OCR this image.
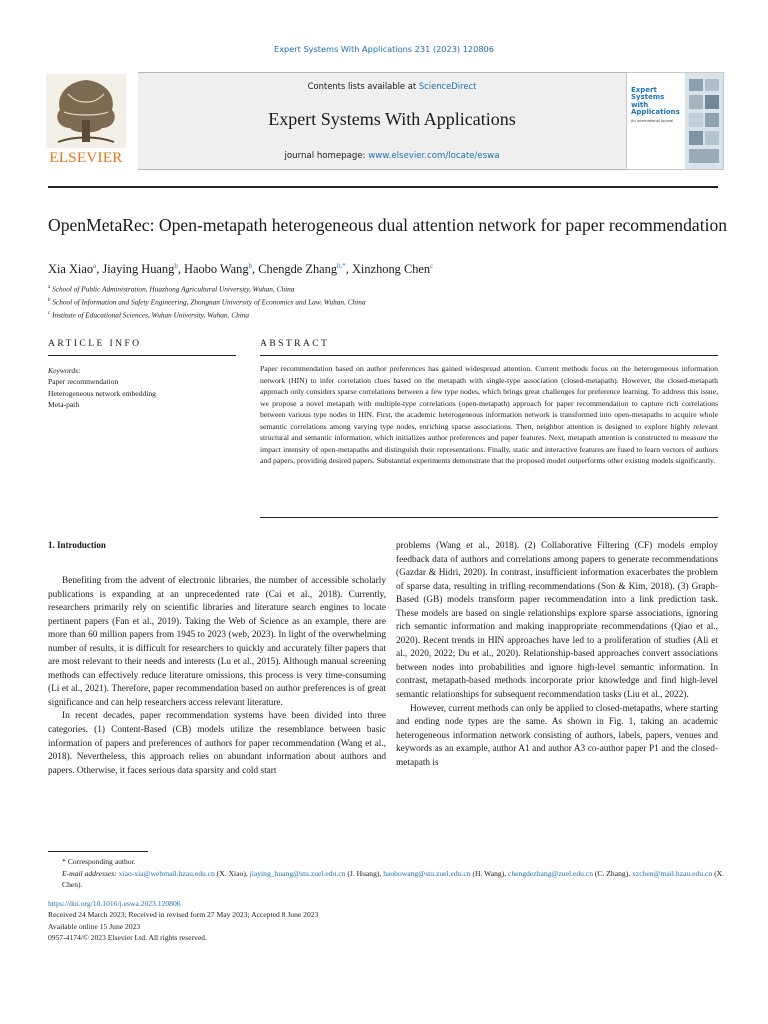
Expert Systems With Applications 231 (2023) 120806
ELSEVIER
Contents lists available at ScienceDirect
Expert Systems With Applications
journal homepage: www.elsevier.com/locate/eswa
Expert Systems with Applications
An International Journal
OpenMetaRec: Open-metapath heterogeneous dual attention network for paper recommendation
Xia Xiao$^a$, Jiaying Huang$^b$, Haobo Wang$^b$, Chengde Zhang$^{b,*}$, Xinzhong Chen$^c$
$^a$ School of Public Administration, Huazhong Agricultural University, Wuhan, China
$^b$ School of Information and Safety Engineering, Zhongnan University of Economics and Law, Wuhan, China
$^c$ Institute of Educational Sciences, Wuhan University, Wuhan, China
ARTICLE INFO	ABSTRACT
Keywords:
Paper recommendation
Heterogeneous network embedding
Meta-path
Paper recommendation based on author preferences has gained widespread attention. Current methods focus on the heterogeneous information network (HIN) to infer correlation clues based on the metapath with single-type association (closed-metapath). However, the closed-metapath approach only considers sparse correlations between a few type nodes, which brings great challenges for preference learning. To address this issue, we propose a novel metapath with multiple-type correlations (open-metapath) approach for paper recommendation to capture rich correlations between various type nodes in HIN. First, the academic heterogeneous information network is transformed into open-metapaths to acquire whole semantic correlations among varying type nodes, enriching sparse associations. Then, neighbor attention is designed to explore highly relevant structural and semantic information, which initializes author preferences and paper features. Next, metapath attention is constructed to measure the impact intensity of open-metapaths and distinguish their representations. Finally, static and interactive features are fused to learn vectors of authors and papers, providing desired papers. Substantial experiments demonstrate that the proposed model outperforms other existing models significantly.
1. Introduction

Benefiting from the advent of electronic libraries, the number of accessible scholarly publications is expanding at an unprecedented rate (Cai et al., 2018). Currently, researchers primarily rely on scientific libraries and literature search engines to locate pertinent papers (Fan et al., 2019). Taking the Web of Science as an example, there are more than 60 million papers from 1945 to 2023 (web, 2023). In light of the overwhelming number of results, it is difficult for researchers to quickly and accurately filter papers that are most relevant to their needs and interests (Lu et al., 2015). Although manual screening methods can effectively reduce literature omissions, this process is very time-consuming (Li et al., 2021). Therefore, paper recommendation based on author preferences is of great significance and can help researchers access relevant literature.

In recent decades, paper recommendation systems have been divided into three categories. (1) Content-Based (CB) models utilize the resemblance between basic information of papers and preferences of authors for paper recommendation (Wang et al., 2018). Nevertheless, this approach relies on abundant information about authors and papers. Otherwise, it faces serious data sparsity and cold start

problems (Wang et al., 2018). (2) Collaborative Filtering (CF) models employ feedback data of authors and correlations among papers to generate recommendations (Gazdar & Hidri, 2020). In contrast, insufficient information exacerbates the problem of sparse data, resulting in trifling recommendations (Son & Kim, 2018). (3) Graph-Based (GB) models transform paper recommendation into a link prediction task. These models are based on single relationships explore sparse associations, ignoring rich semantic information and making inappropriate recommendations (Qiao et al., 2020). Recent trends in HIN approaches have led to a proliferation of studies (Ali et al., 2020, 2022; Du et al., 2020). Relationship-based approaches convert associations between nodes into probabilities and ignore high-level semantic information. In contrast, metapath-based methods incorporate prior knowledge and find high-level semantic relationships for subsequent recommendation tasks (Liu et al., 2022).

However, current methods can only be applied to closed-metapaths, where starting and ending node types are the same. As shown in Fig. 1, taking an academic heterogeneous information network consisting of authors, labels, papers, venues and keywords as an example, author A1 and author A3 co-author paper P1 and the closed-metapath is

* Corresponding author.
E-mail addresses: xiao-xia@webmail.hzau.edu.cn (X. Xiao), jiaying_huang@stu.zuel.edu.cn (J. Huang), haobowang@stu.zuel.edu.cn (H. Wang), chengdezhang@zuel.edu.cn (C. Zhang), xzchen@mail.hzau.edu.cn (X. Chen).
https://doi.org/10.1016/j.eswa.2023.120806
Received 24 March 2023; Received in revised form 27 May 2023; Accepted 8 June 2023
Available online 15 June 2023
0957-4174/© 2023 Elsevier Ltd. All rights reserved.
